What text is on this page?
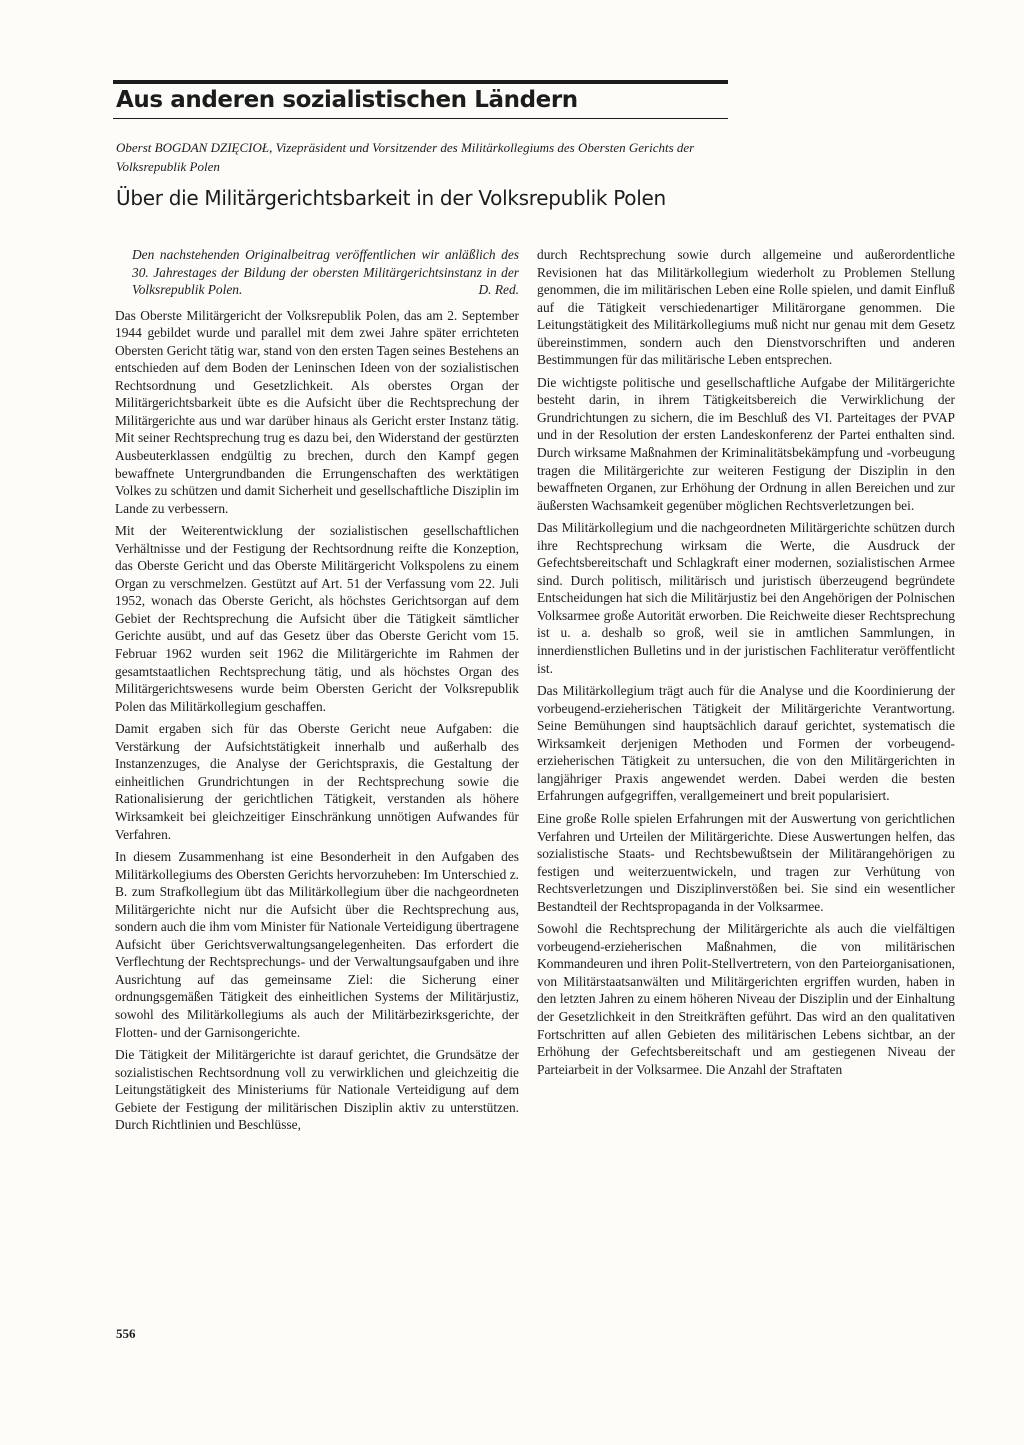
Aus anderen sozialistischen Ländern
Oberst BOGDAN DZIĘCIOŁ, Vizepräsident und Vorsitzender des Militärkollegiums des Obersten Gerichts der Volksrepublik Polen
Über die Militärgerichtsbarkeit in der Volksrepublik Polen

Den nachstehenden Originalbeitrag veröffentlichen wir anläßlich des 30. Jahrestages der Bildung der obersten Militärgerichtsinstanz in der Volksrepublik Polen.	D. Red.

Das Oberste Militärgericht der Volksrepublik Polen, das am 2. September 1944 gebildet wurde und parallel mit dem zwei Jahre später errichteten Obersten Gericht tätig war, stand von den ersten Tagen seines Bestehens an entschieden auf dem Boden der Leninschen Ideen von der sozialistischen Rechtsordnung und Gesetzlichkeit. Als oberstes Organ der Militärgerichtsbarkeit übte es die Aufsicht über die Rechtsprechung der Militärgerichte aus und war darüber hinaus als Gericht erster Instanz tätig. Mit seiner Rechtsprechung trug es dazu bei, den Widerstand der gestürzten Ausbeuterklassen endgültig zu brechen, durch den Kampf gegen bewaffnete Untergrundbanden die Errungenschaften des werktätigen Volkes zu schützen und damit Sicherheit und gesellschaftliche Disziplin im Lande zu verbessern.

Mit der Weiterentwicklung der sozialistischen gesellschaftlichen Verhältnisse und der Festigung der Rechtsordnung reifte die Konzeption, das Oberste Gericht und das Oberste Militärgericht Volkspolens zu einem Organ zu verschmelzen. Gestützt auf Art. 51 der Verfassung vom 22. Juli 1952, wonach das Oberste Gericht, als höchstes Gerichtsorgan auf dem Gebiet der Rechtsprechung die Aufsicht über die Tätigkeit sämtlicher Gerichte ausübt, und auf das Gesetz über das Oberste Gericht vom 15. Februar 1962 wurden seit 1962 die Militärgerichte im Rahmen der gesamtstaatlichen Rechtsprechung tätig, und als höchstes Organ des Militärgerichtswesens wurde beim Obersten Gericht der Volksrepublik Polen das Militärkollegium geschaffen.

Damit ergaben sich für das Oberste Gericht neue Aufgaben: die Verstärkung der Aufsichtstätigkeit innerhalb und außerhalb des Instanzenzuges, die Analyse der Gerichtspraxis, die Gestaltung der einheitlichen Grundrichtungen in der Rechtsprechung sowie die Rationalisierung der gerichtlichen Tätigkeit, verstanden als höhere Wirksamkeit bei gleichzeitiger Einschränkung unnötigen Aufwandes für Verfahren.

In diesem Zusammenhang ist eine Besonderheit in den Aufgaben des Militärkollegiums des Obersten Gerichts hervorzuheben: Im Unterschied z. B. zum Strafkollegium übt das Militärkollegium über die nachgeordneten Militärgerichte nicht nur die Aufsicht über die Rechtsprechung aus, sondern auch die ihm vom Minister für Nationale Verteidigung übertragene Aufsicht über Gerichtsverwaltungsangelegenheiten. Das erfordert die Verflechtung der Rechtsprechungs- und der Verwaltungsaufgaben und ihre Ausrichtung auf das gemeinsame Ziel: die Sicherung einer ordnungsgemäßen Tätigkeit des einheitlichen Systems der Militärjustiz, sowohl des Militärkollegiums als auch der Militärbezirksgerichte, der Flotten- und der Garnisongerichte.

Die Tätigkeit der Militärgerichte ist darauf gerichtet, die Grundsätze der sozialistischen Rechtsordnung voll zu verwirklichen und gleichzeitig die Leitungstätigkeit des Ministeriums für Nationale Verteidigung auf dem Gebiete der Festigung der militärischen Disziplin aktiv zu unterstützen. Durch Richtlinien und Beschlüsse,

durch Rechtsprechung sowie durch allgemeine und außerordentliche Revisionen hat das Militärkollegium wiederholt zu Problemen Stellung genommen, die im militärischen Leben eine Rolle spielen, und damit Einfluß auf die Tätigkeit verschiedenartiger Militärorgane genommen. Die Leitungstätigkeit des Militärkollegiums muß nicht nur genau mit dem Gesetz übereinstimmen, sondern auch den Dienstvorschriften und anderen Bestimmungen für das militärische Leben entsprechen.

Die wichtigste politische und gesellschaftliche Aufgabe der Militärgerichte besteht darin, in ihrem Tätigkeitsbereich die Verwirklichung der Grundrichtungen zu sichern, die im Beschluß des VI. Parteitages der PVAP und in der Resolution der ersten Landeskonferenz der Partei enthalten sind. Durch wirksame Maßnahmen der Kriminalitätsbekämpfung und -vorbeugung tragen die Militärgerichte zur weiteren Festigung der Disziplin in den bewaffneten Organen, zur Erhöhung der Ordnung in allen Bereichen und zur äußersten Wachsamkeit gegenüber möglichen Rechtsverletzungen bei.

Das Militärkollegium und die nachgeordneten Militärgerichte schützen durch ihre Rechtsprechung wirksam die Werte, die Ausdruck der Gefechtsbereitschaft und Schlagkraft einer modernen, sozialistischen Armee sind. Durch politisch, militärisch und juristisch überzeugend begründete Entscheidungen hat sich die Militärjustiz bei den Angehörigen der Polnischen Volksarmee große Autorität erworben. Die Reichweite dieser Rechtsprechung ist u. a. deshalb so groß, weil sie in amtlichen Sammlungen, in innerdienstlichen Bulletins und in der juristischen Fachliteratur veröffentlicht ist.

Das Militärkollegium trägt auch für die Analyse und die Koordinierung der vorbeugend-erzieherischen Tätigkeit der Militärgerichte Verantwortung. Seine Bemühungen sind hauptsächlich darauf gerichtet, systematisch die Wirksamkeit derjenigen Methoden und Formen der vorbeugend-erzieherischen Tätigkeit zu untersuchen, die von den Militärgerichten in langjähriger Praxis angewendet werden. Dabei werden die besten Erfahrungen aufgegriffen, verallgemeinert und breit popularisiert.

Eine große Rolle spielen Erfahrungen mit der Auswertung von gerichtlichen Verfahren und Urteilen der Militärgerichte. Diese Auswertungen helfen, das sozialistische Staats- und Rechtsbewußtsein der Militärangehörigen zu festigen und weiterzuentwickeln, und tragen zur Verhütung von Rechtsverletzungen und Disziplinverstößen bei. Sie sind ein wesentlicher Bestandteil der Rechtspropaganda in der Volksarmee.

Sowohl die Rechtsprechung der Militärgerichte als auch die vielfältigen vorbeugend-erzieherischen Maßnahmen, die von militärischen Kommandeuren und ihren Polit-Stellvertretern, von den Parteiorganisationen, von Militärstaatsanwälten und Militärgerichten ergriffen wurden, haben in den letzten Jahren zu einem höheren Niveau der Disziplin und der Einhaltung der Gesetzlichkeit in den Streitkräften geführt. Das wird an den qualitativen Fortschritten auf allen Gebieten des militärischen Lebens sichtbar, an der Erhöhung der Gefechtsbereitschaft und am gestiegenen Niveau der Parteiarbeit in der Volksarmee. Die Anzahl der Straftaten

556
